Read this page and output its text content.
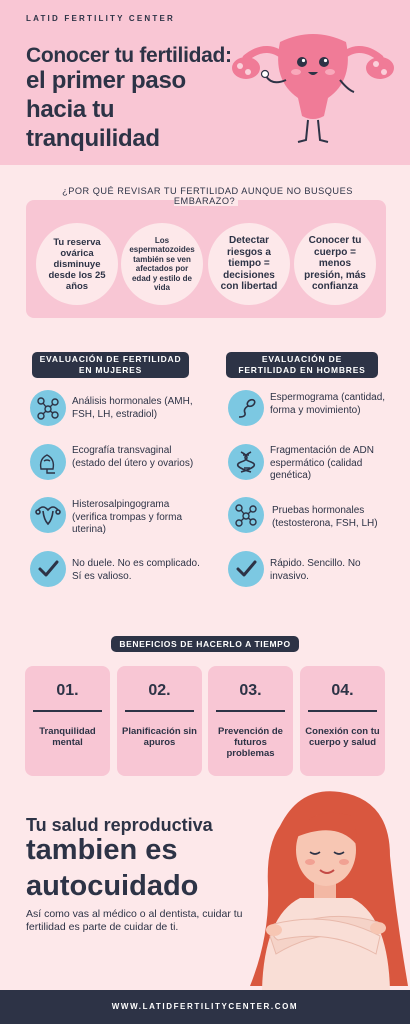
LATID FERTILITY CENTER
Conocer tu fertilidad:
el primer paso hacia tu tranquilidad
¿POR QUÉ REVISAR TU FERTILIDAD AUNQUE NO BUSQUES EMBARAZO?
Tu reserva ovárica disminuye desde los 25 años
Los espermatozoides también se ven afectados por edad y estilo de vida
Detectar riesgos a tiempo = decisiones con libertad
Conocer tu cuerpo = menos presión, más confianza
EVALUACIÓN DE FERTILIDAD EN MUJERES
EVALUACIÓN DE FERTILIDAD EN HOMBRES
Análisis hormonales (AMH, FSH, LH, estradiol)
Ecografía transvaginal (estado del útero y ovarios)
Histerosalpingograma (verifica trompas y forma uterina)
No duele. No es complicado. Sí es valioso.
Espermograma (cantidad, forma y movimiento)
Fragmentación de ADN espermático (calidad genética)
Pruebas hormonales (testosterona, FSH, LH)
Rápido. Sencillo. No invasivo.
BENEFICIOS DE HACERLO A TIEMPO
01.
Tranquilidad mental
02.
Planificación sin apuros
03.
Prevención de futuros problemas
04.
Conexión con tu cuerpo y salud
Tu salud reproductiva
tambien es autocuidado
Así como vas al médico o al dentista, cuidar tu fertilidad es parte de cuidar de ti.
WWW.LATIDFERTILITYCENTER.COM
